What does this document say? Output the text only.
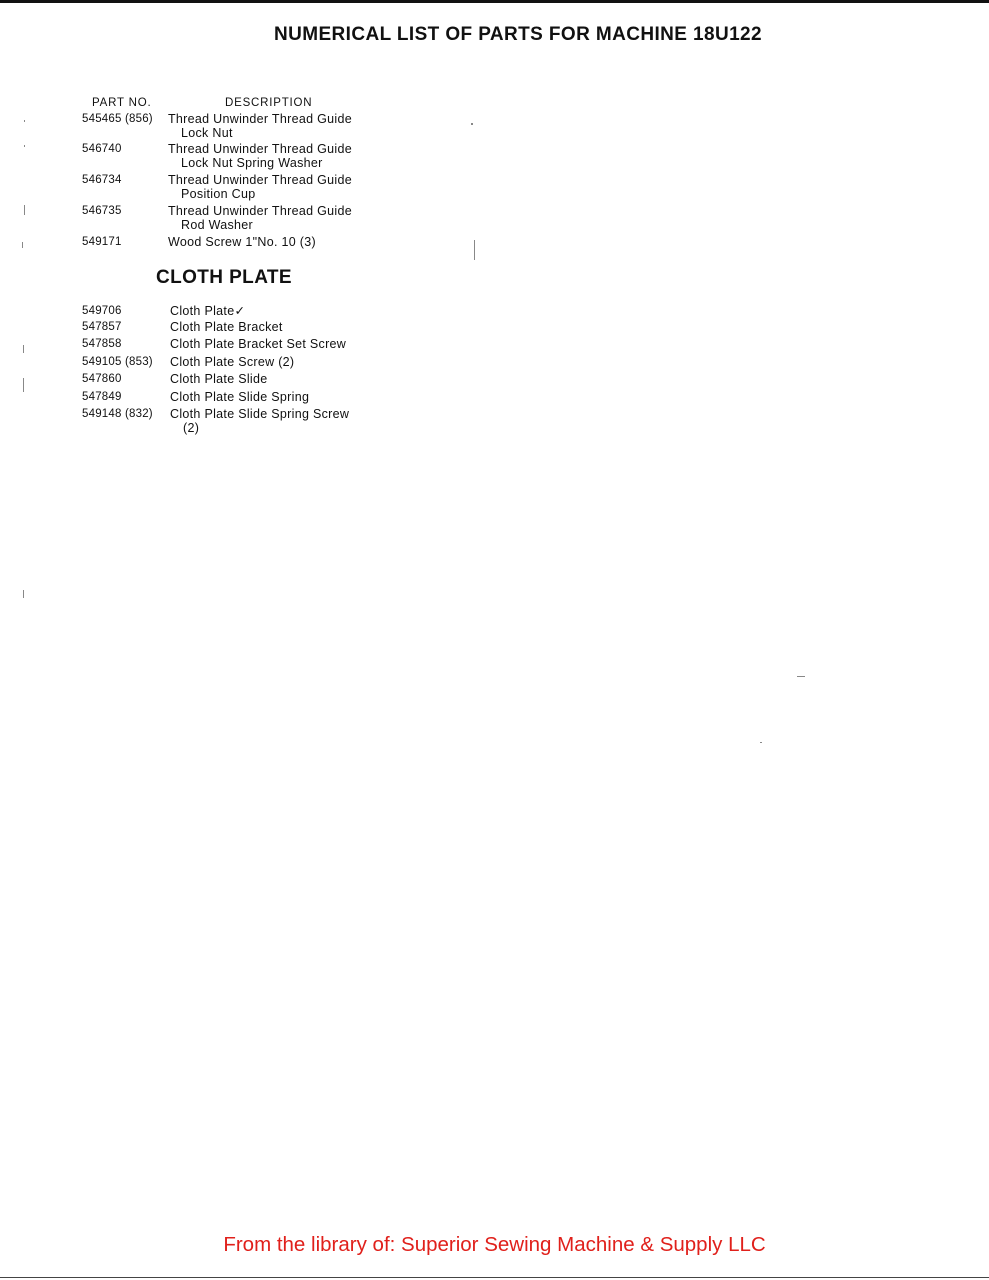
NUMERICAL LIST OF PARTS FOR MACHINE 18U122
PART NO.	DESCRIPTION
545465 (856) Thread Unwinder Thread Guide
Lock Nut
546740	Thread Unwinder Thread Guide
Lock Nut Spring Washer
546734	Thread Unwinder Thread Guide
Position Cup
546735	Thread Unwinder Thread Guide
Rod Washer
549171	Wood Screw 1"No. 10 (3)
CLOTH PLATE
549706	Cloth Plate✓
547857	Cloth Plate Bracket
547858	Cloth Plate Bracket Set Screw
549105 (853) Cloth Plate Screw (2)
547860	Cloth Plate Slide
547849	Cloth Plate Slide Spring
549148 (832) Cloth Plate Slide Spring Screw
(2)
From the library of: Superior Sewing Machine & Supply LLC
